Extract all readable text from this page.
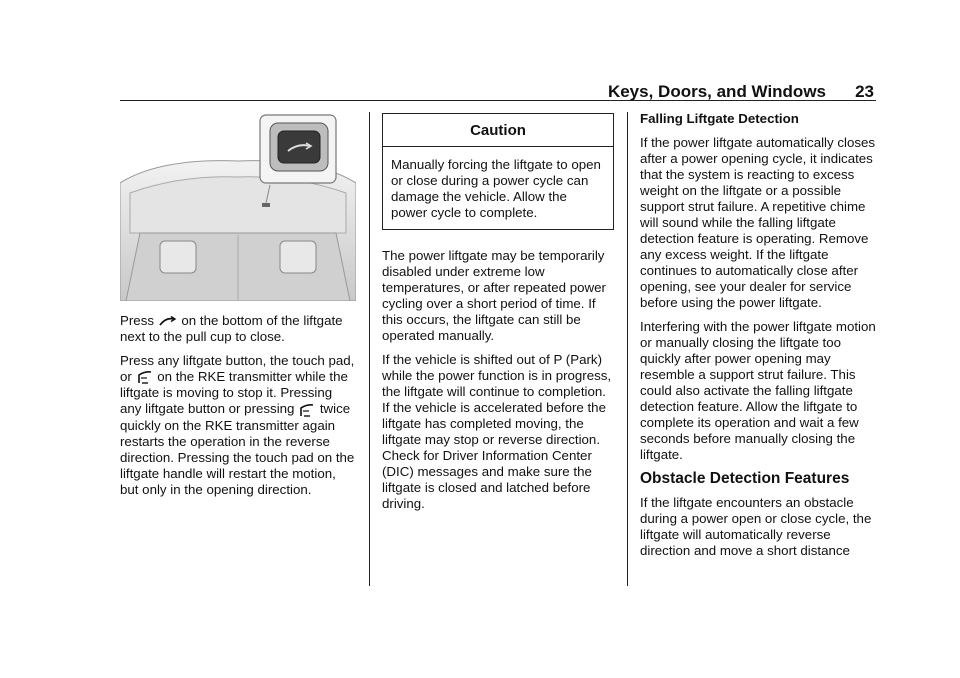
Keys, Doors, and Windows 23

Press on the bottom of the liftgate next to the pull cup to close.

Press any liftgate button, the touch pad, or on the RKE transmitter while the liftgate is moving to stop it. Pressing any liftgate button or pressing twice quickly on the RKE transmitter again restarts the operation in the reverse direction. Pressing the touch pad on the liftgate handle will restart the motion, but only in the opening direction.

Caution
Manually forcing the liftgate to open or close during a power cycle can damage the vehicle. Allow the power cycle to complete.

The power liftgate may be temporarily disabled under extreme low temperatures, or after repeated power cycling over a short period of time. If this occurs, the liftgate can still be operated manually.

If the vehicle is shifted out of P (Park) while the power function is in progress, the liftgate will continue to completion. If the vehicle is accelerated before the liftgate has completed moving, the liftgate may stop or reverse direction. Check for Driver Information Center (DIC) messages and make sure the liftgate is closed and latched before driving.

Falling Liftgate Detection

If the power liftgate automatically closes after a power opening cycle, it indicates that the system is reacting to excess weight on the liftgate or a possible support strut failure. A repetitive chime will sound while the falling liftgate detection feature is operating. Remove any excess weight. If the liftgate continues to automatically close after opening, see your dealer for service before using the power liftgate.

Interfering with the power liftgate motion or manually closing the liftgate too quickly after power opening may resemble a support strut failure. This could also activate the falling liftgate detection feature. Allow the liftgate to complete its operation and wait a few seconds before manually closing the liftgate.

Obstacle Detection Features

If the liftgate encounters an obstacle during a power open or close cycle, the liftgate will automatically reverse direction and move a short distance
